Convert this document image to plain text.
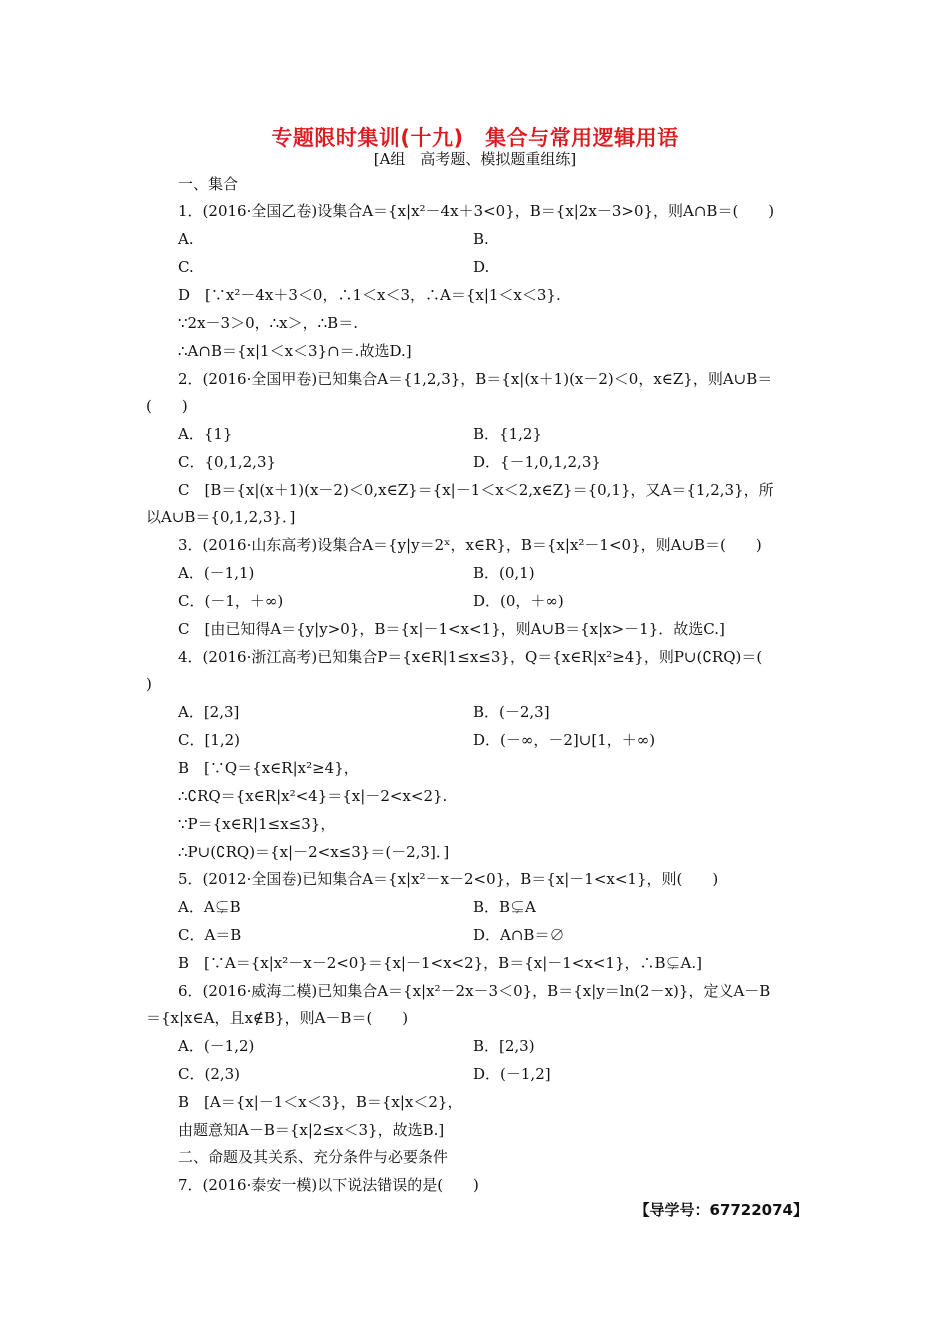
专题限时集训(十九)　集合与常用逻辑用语
[A组　高考题、模拟题重组练]
一、集合
1．(2016·全国乙卷)设集合A＝{x|x²－4x＋3<0}，B＝{x|2x－3>0}，则A∩B＝(　　)
A.
C.
D　[∵x²－4x＋3＜0，∴1＜x＜3，∴A＝{x|1＜x＜3}.
∵2x－3＞0，∴x＞，∴B＝.
∴A∩B＝{x|1＜x＜3}∩＝.故选D.]
2．(2016·全国甲卷)已知集合A＝{1,2,3}，B＝{x|(x＋1)(x－2)＜0，x∈Z}，则A∪B＝
(　　)
A．{1}
C．{0,1,2,3}
C　[B＝{x|(x＋1)(x－2)＜0,x∈Z}＝{x|－1＜x＜2,x∈Z}＝{0,1}，又A＝{1,2,3}，所
以A∪B＝{0,1,2,3}．]
3．(2016·山东高考)设集合A＝{y|y＝2ˣ，x∈R}，B＝{x|x²－1<0}，则A∪B＝(　　)
A．(－1,1)
C．(－1，＋∞)
C　[由已知得A＝{y|y>0}，B＝{x|－1<x<1}，则A∪B＝{x|x>－1}．故选C.]
4．(2016·浙江高考)已知集合P＝{x∈R|1≤x≤3}，Q＝{x∈R|x²≥4}，则P∪(∁RQ)＝(
)
A．[2,3]
C．[1,2)
B　[∵Q＝{x∈R|x²≥4}，
∴∁RQ＝{x∈R|x²<4}＝{x|－2<x<2}.
∵P＝{x∈R|1≤x≤3}，
∴P∪(∁RQ)＝{x|－2<x≤3}＝(－2,3]．]
5．(2012·全国卷)已知集合A＝{x|x²－x－2<0}，B＝{x|－1<x<1}，则(　　)
A．A⊊B
C．A＝B
B　[∵A＝{x|x²－x－2<0}＝{x|－1<x<2}，B＝{x|－1<x<1}，∴B⊊A.]
6．(2016·威海二模)已知集合A＝{x|x²－2x－3＜0}，B＝{x|y＝ln(2－x)}，定义A－B
＝{x|x∈A，且x∉B}，则A－B＝(　　)
A．(－1,2)
C．(2,3)
B　[A＝{x|－1＜x＜3}，B＝{x|x＜2}，
由题意知A－B＝{x|2≤x＜3}，故选B.]
二、命题及其关系、充分条件与必要条件
7．(2016·泰安一模)以下说法错误的是(　　)
B.
D.
B．{1,2}
D．{－1,0,1,2,3}
B．(0,1)
D．(0，＋∞)
B．(－2,3]
D．(－∞，－2]∪[1，＋∞)
B．B⊊A
D．A∩B＝∅
B．[2,3)
D．(－1,2]
【导学号：67722074】
